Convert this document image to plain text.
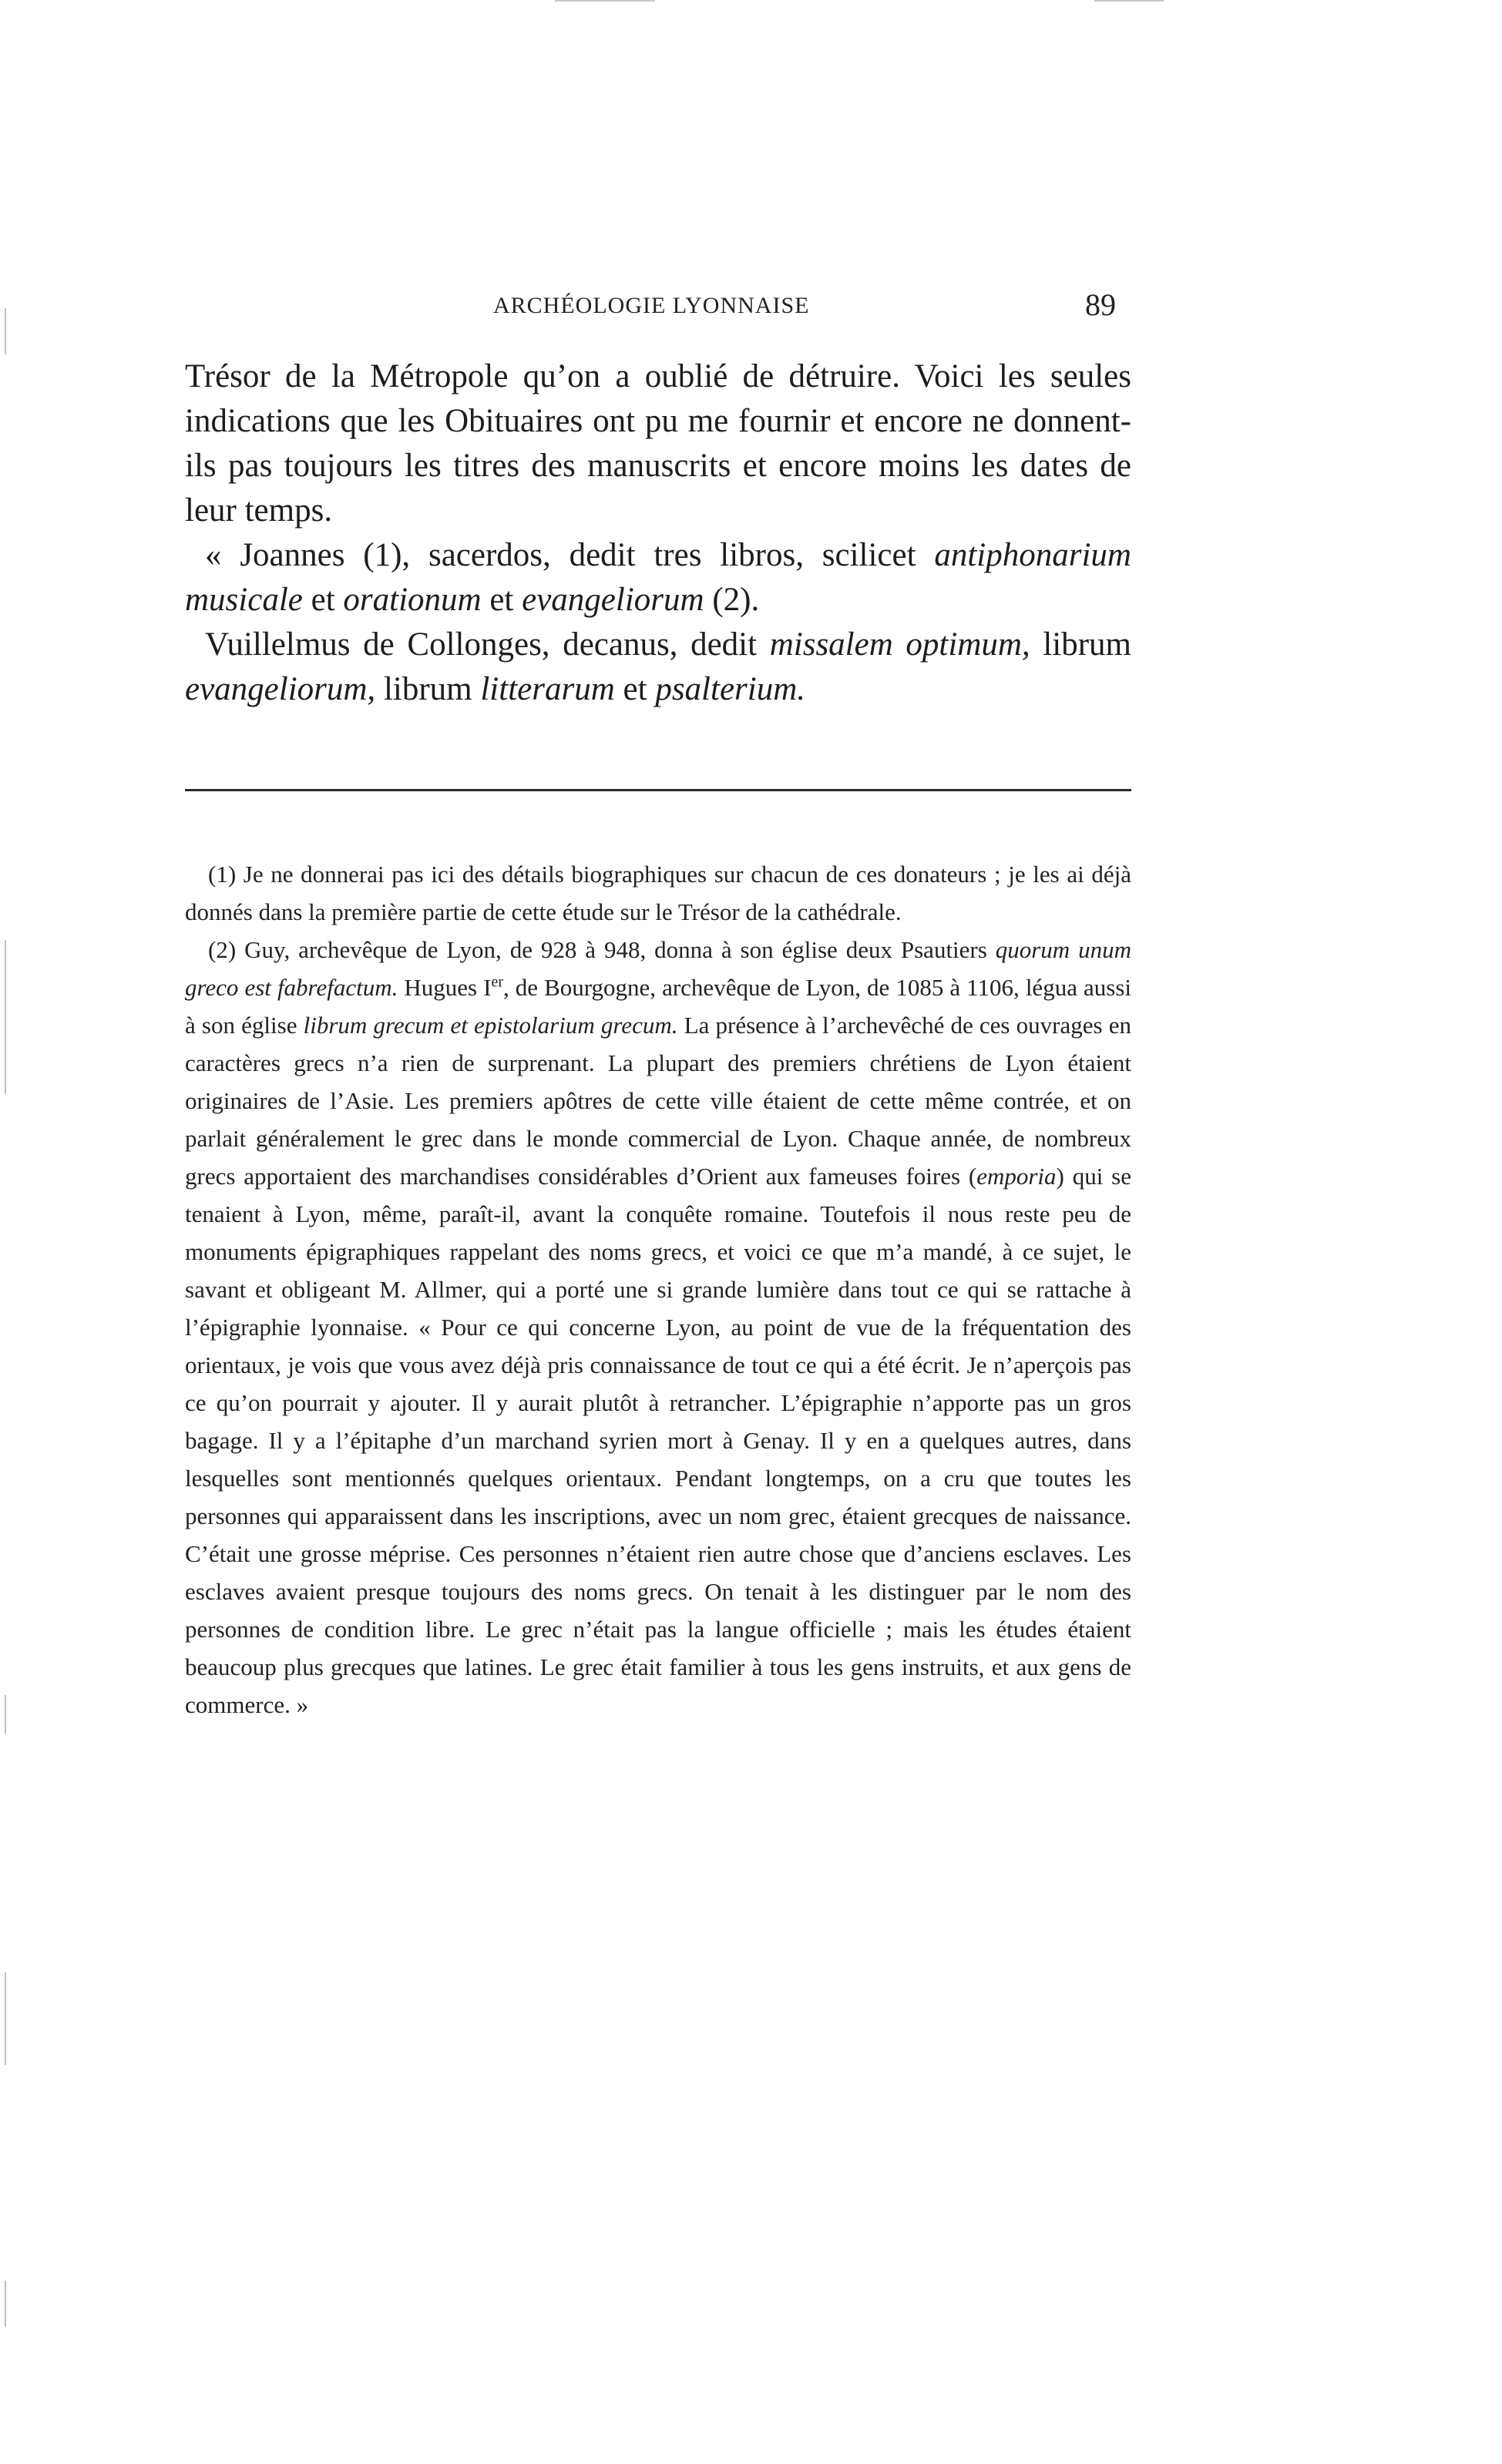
ARCHÉOLOGIE LYONNAISE	89

Trésor de la Métropole qu’on a oublié de détruire. Voici les seules indications que les Obituaires ont pu me fournir et encore ne donnent-ils pas toujours les titres des manuscrits et encore moins les dates de leur temps.

« Joannes (1), sacerdos, dedit tres libros, scilicet antiphonarium musicale et orationum et evangeliorum (2).

Vuillelmus de Collonges, decanus, dedit missalem optimum, librum evangeliorum, librum litterarum et psalterium.

(1) Je ne donnerai pas ici des détails biographiques sur chacun de ces donateurs ; je les ai déjà donnés dans la première partie de cette étude sur le Trésor de la cathédrale.

(2) Guy, archevêque de Lyon, de 928 à 948, donna à son église deux Psautiers quorum unum greco est fabrefactum. Hugues Ier, de Bourgogne, archevêque de Lyon, de 1085 à 1106, légua aussi à son église librum grecum et epistolarium grecum. La présence à l’archevêché de ces ouvrages en caractères grecs n’a rien de surprenant. La plupart des premiers chrétiens de Lyon étaient originaires de l’Asie. Les premiers apôtres de cette ville étaient de cette même contrée, et on parlait généralement le grec dans le monde commercial de Lyon. Chaque année, de nombreux grecs apportaient des marchandises considérables d’Orient aux fameuses foires (emporia) qui se tenaient à Lyon, même, paraît-il, avant la conquête romaine. Toutefois il nous reste peu de monuments épigraphiques rappelant des noms grecs, et voici ce que m’a mandé, à ce sujet, le savant et obligeant M. Allmer, qui a porté une si grande lumière dans tout ce qui se rattache à l’épigraphie lyonnaise. « Pour ce qui concerne Lyon, au point de vue de la fréquentation des orientaux, je vois que vous avez déjà pris connaissance de tout ce qui a été écrit. Je n’aperçois pas ce qu’on pourrait y ajouter. Il y aurait plutôt à retrancher. L’épigraphie n’apporte pas un gros bagage. Il y a l’épitaphe d’un marchand syrien mort à Genay. Il y en a quelques autres, dans lesquelles sont mentionnés quelques orientaux. Pendant longtemps, on a cru que toutes les personnes qui apparaissent dans les inscriptions, avec un nom grec, étaient grecques de naissance. C’était une grosse méprise. Ces personnes n’étaient rien autre chose que d’anciens esclaves. Les esclaves avaient presque toujours des noms grecs. On tenait à les distinguer par le nom des personnes de condition libre. Le grec n’était pas la langue officielle ; mais les études étaient beaucoup plus grecques que latines. Le grec était familier à tous les gens instruits, et aux gens de commerce. »
